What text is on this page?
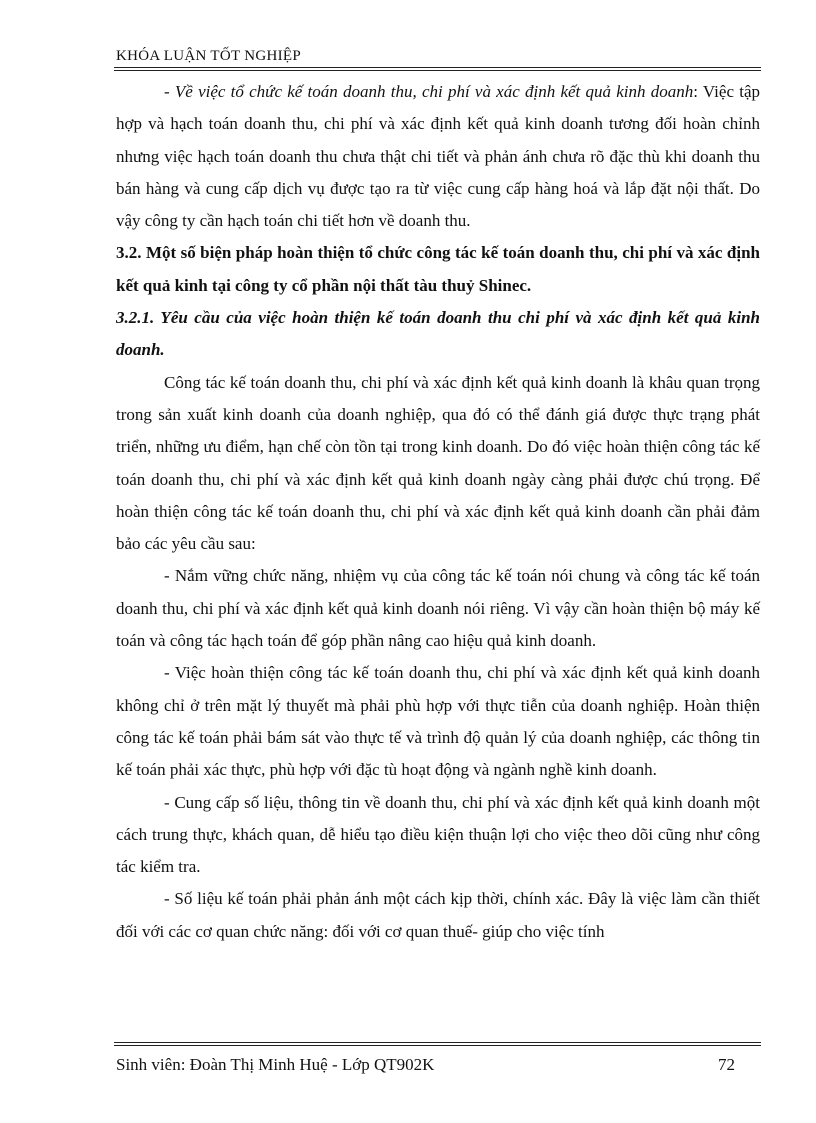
KHÓA LUẬN TỐT NGHIỆP

- Về việc tổ chức kế toán doanh thu, chi phí và xác định kết quả kinh doanh: Việc tập hợp và hạch toán doanh thu, chi phí và xác định kết quả kinh doanh tương đối hoàn chỉnh nhưng việc hạch toán doanh thu chưa thật chi tiết và phản ánh chưa rõ đặc thù khi doanh thu bán hàng và cung cấp dịch vụ được tạo ra từ việc cung cấp hàng hoá và lắp đặt nội thất. Do vậy công ty cần hạch toán chi tiết hơn về doanh thu.

3.2. Một số biện pháp hoàn thiện tổ chức công tác kế toán doanh thu, chi phí và xác định kết quả kinh tại công ty cổ phần nội thất tàu thuỷ Shinec.

3.2.1. Yêu cầu của việc hoàn thiện kế toán doanh thu chi phí và xác định kết quả kinh doanh.

Công tác kế toán doanh thu, chi phí và xác định kết quả kinh doanh là khâu quan trọng trong sản xuất kinh doanh của doanh nghiệp, qua đó có thể đánh giá được thực trạng phát triển, những ưu điểm, hạn chế còn tồn tại trong kinh doanh. Do đó việc hoàn thiện công tác kế toán doanh thu, chi phí và xác định kết quả kinh doanh ngày càng phải được chú trọng. Để hoàn thiện công tác kế toán doanh thu, chi phí và xác định kết quả kinh doanh cần phải đảm bảo các yêu cầu sau:

- Nắm vững chức năng, nhiệm vụ của công tác kế toán nói chung và công tác kế toán doanh thu, chi phí và xác định kết quả kinh doanh nói riêng. Vì vậy cần hoàn thiện bộ máy kế toán và công tác hạch toán để góp phần nâng cao hiệu quả kinh doanh.

- Việc hoàn thiện công tác kế toán doanh thu, chi phí và xác định kết quả kinh doanh không chỉ ở trên mặt lý thuyết mà phải phù hợp với thực tiễn của doanh nghiệp. Hoàn thiện công tác kế toán phải bám sát vào thực tế và trình độ quản lý của doanh nghiệp, các thông tin kế toán phải xác thực, phù hợp với đặc tù hoạt động và ngành nghề kinh doanh.

- Cung cấp số liệu, thông tin về doanh thu, chi phí và xác định kết quả kinh doanh một cách trung thực, khách quan, dễ hiểu tạo điều kiện thuận lợi cho việc theo dõi cũng như công tác kiểm tra.

- Số liệu kế toán phải phản ánh một cách kịp thời, chính xác. Đây là việc làm cần thiết đối với các cơ quan chức năng: đối với cơ quan thuế- giúp cho việc tính

Sinh viên: Đoàn Thị Minh Huệ - Lớp QT902K	72
